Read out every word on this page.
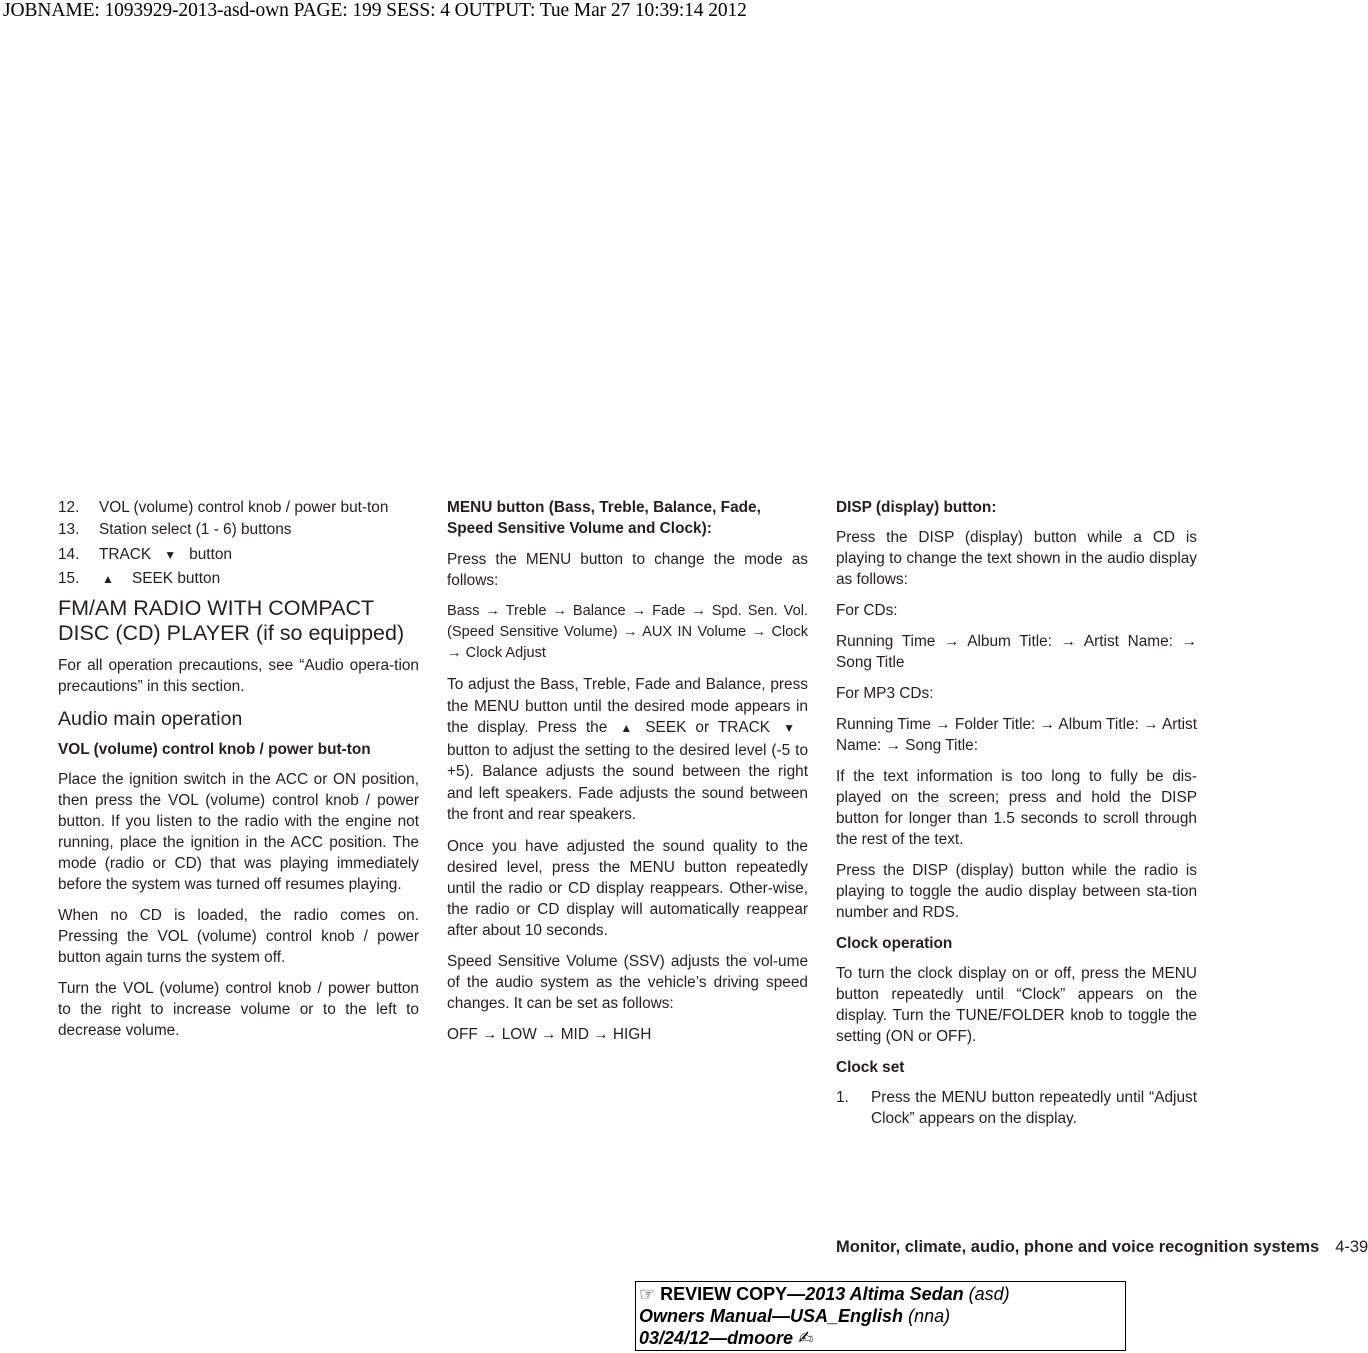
JOBNAME: 1093929-2013-asd-own PAGE: 199 SESS: 4 OUTPUT: Tue Mar 27 10:39:14 2012
12. VOL (volume) control knob / power but-ton
13. Station select (1 - 6) buttons
14. TRACK ▼ button
15. ▲ SEEK button
FM/AM RADIO WITH COMPACT DISC (CD) PLAYER (if so equipped)

For all operation precautions, see “Audio opera-tion precautions” in this section.

Audio main operation
VOL (volume) control knob / power but-ton

Place the ignition switch in the ACC or ON position, then press the VOL (volume) control knob / power button. If you listen to the radio with the engine not running, place the ignition in the ACC position. The mode (radio or CD) that was playing immediately before the system was turned off resumes playing.

When no CD is loaded, the radio comes on. Pressing the VOL (volume) control knob / power button again turns the system off.

Turn the VOL (volume) control knob / power button to the right to increase volume or to the left to decrease volume.

MENU button (Bass, Treble, Balance, Fade, Speed Sensitive Volume and Clock):

Press the MENU button to change the mode as follows:

Bass → Treble → Balance → Fade → Spd. Sen. Vol. (Speed Sensitive Volume) → AUX IN Volume → Clock → Clock Adjust

To adjust the Bass, Treble, Fade and Balance, press the MENU button until the desired mode appears in the display. Press the ▲ SEEK or TRACK ▼button to adjust the setting to the desired level (-5 to +5). Balance adjusts the sound between the right and left speakers. Fade adjusts the sound between the front and rear speakers.

Once you have adjusted the sound quality to the desired level, press the MENU button repeatedly until the radio or CD display reappears. Other-wise, the radio or CD display will automatically reappear after about 10 seconds.

Speed Sensitive Volume (SSV) adjusts the vol-ume of the audio system as the vehicle’s driving speed changes. It can be set as follows:

OFF → LOW → MID → HIGH

DISP (display) button:

Press the DISP (display) button while a CD is playing to change the text shown in the audio display as follows:

For CDs:

Running Time → Album Title: → Artist Name: → Song Title

For MP3 CDs:

Running Time → Folder Title: → Album Title: → Artist Name: → Song Title:

If the text information is too long to fully be dis-played on the screen; press and hold the DISP button for longer than 1.5 seconds to scroll through the rest of the text.

Press the DISP (display) button while the radio is playing to toggle the audio display between sta-tion number and RDS.

Clock operation

To turn the clock display on or off, press the MENU button repeatedly until “Clock” appears on the display. Turn the TUNE/FOLDER knob to toggle the setting (ON or OFF).

Clock set
1. Press the MENU button repeatedly until “Adjust Clock” appears on the display.
Monitor, climate, audio, phone and voice recognition systems 4-39
☞ REVIEW COPY—2013 Altima Sedan (asd)
Owners Manual—USA_English (nna)
03/24/12—dmoore ✍
